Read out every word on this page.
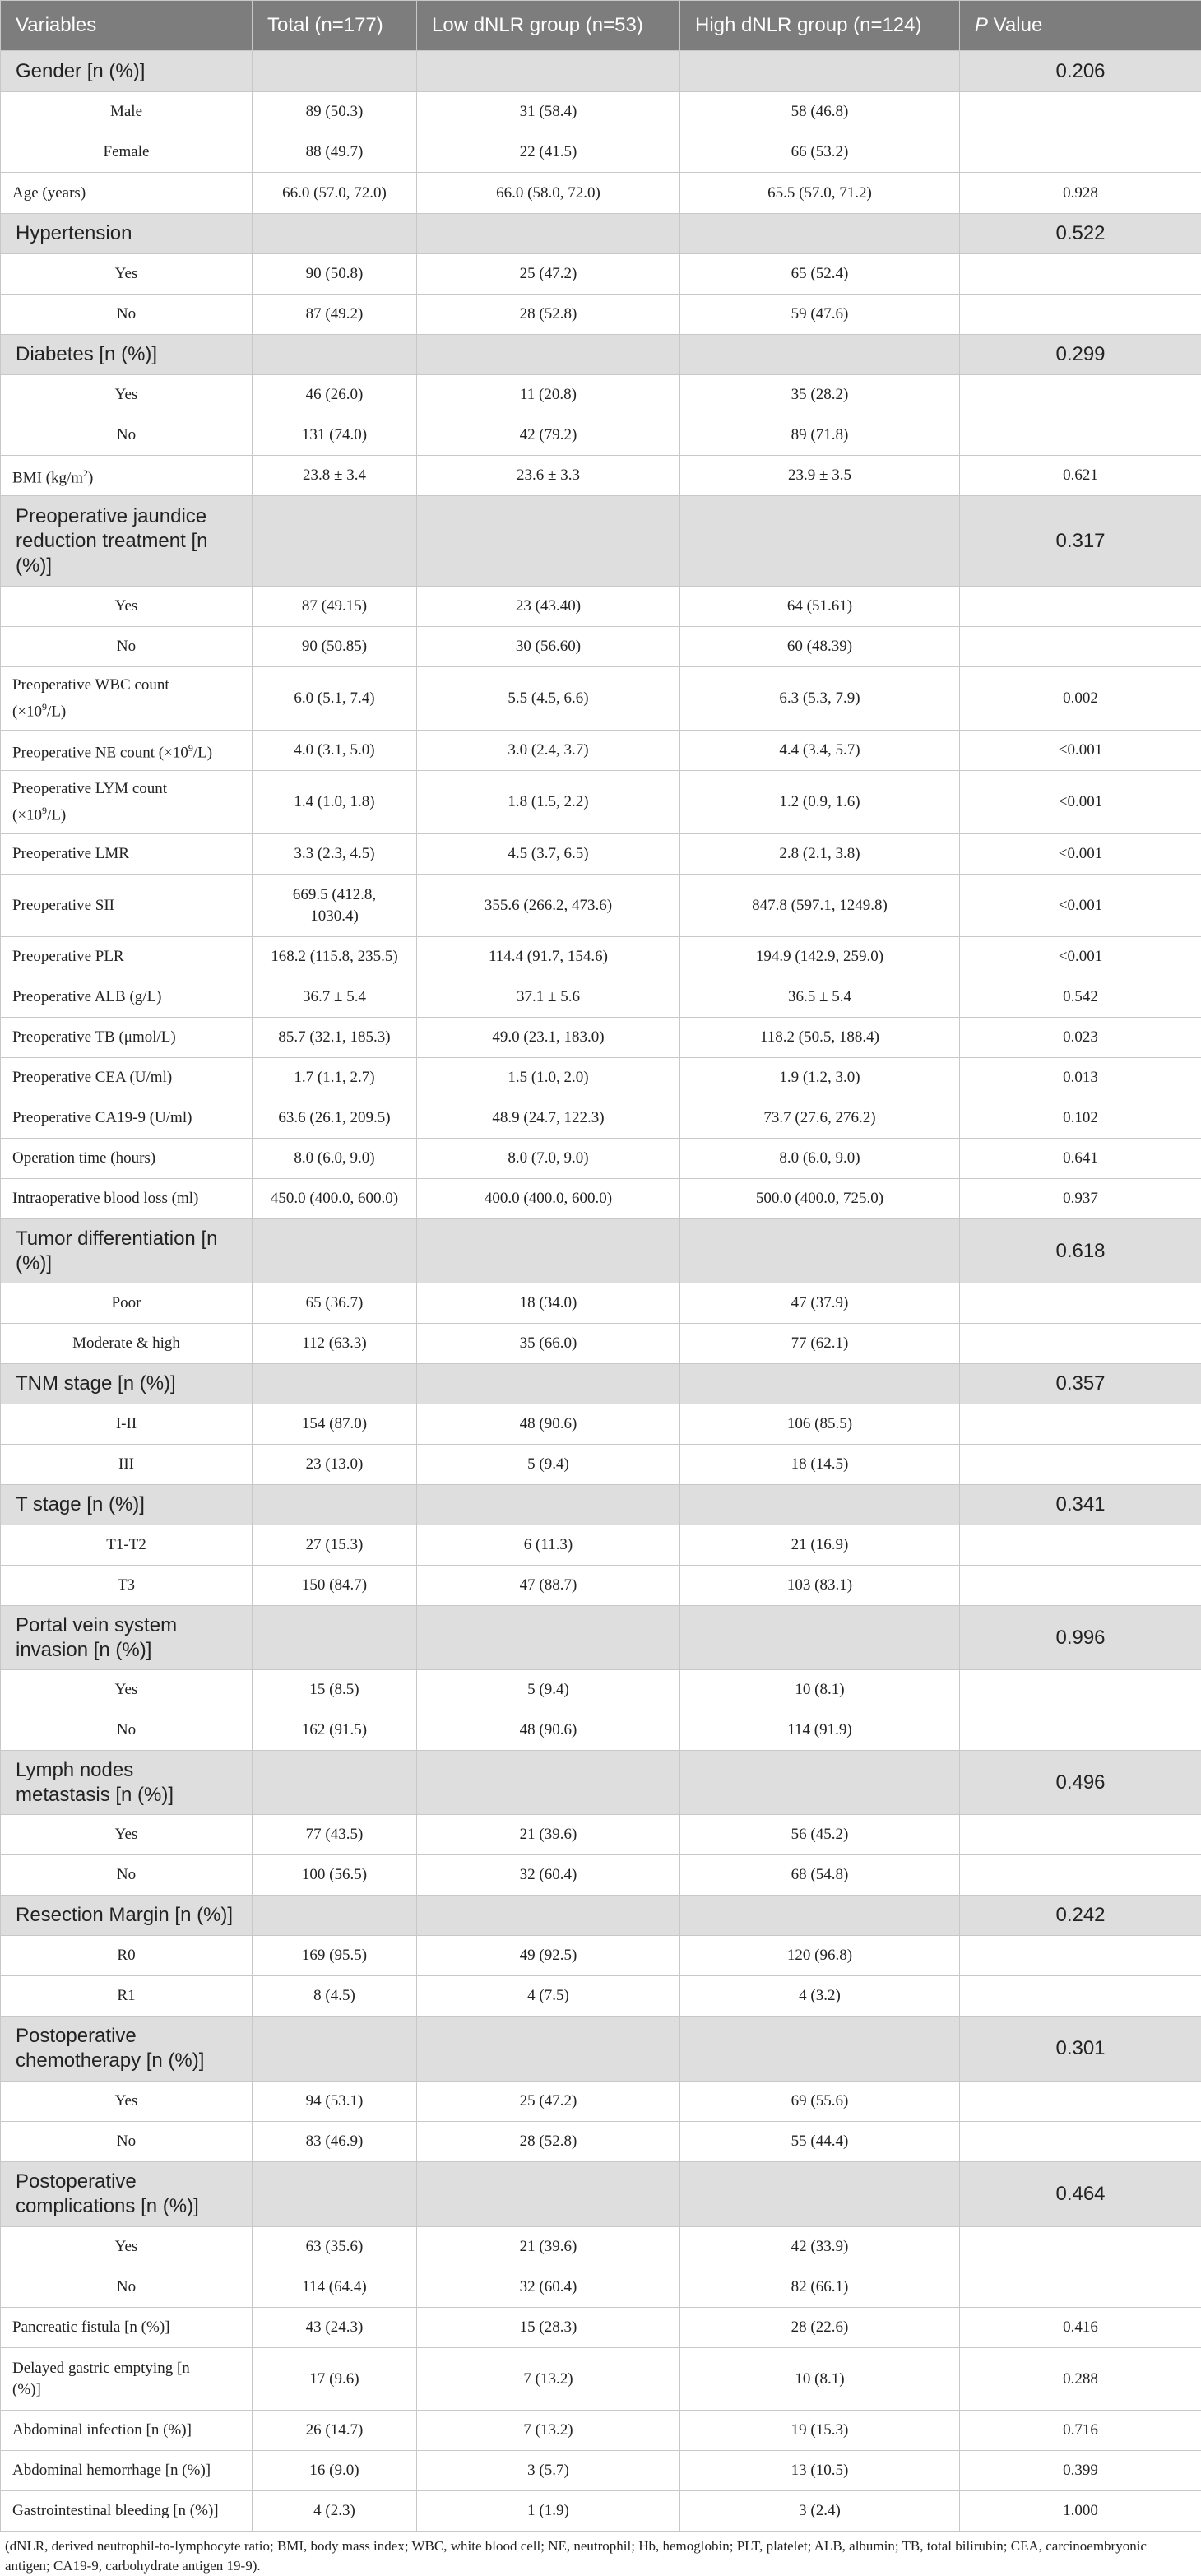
Variables	Total (n=177)	Low dNLR group (n=53)	High dNLR group (n=124)	P Value
Gender [n (%)]				0.206
Male	89 (50.3)	31 (58.4)	58 (46.8)	
Female	88 (49.7)	22 (41.5)	66 (53.2)	
Age (years)	66.0 (57.0, 72.0)	66.0 (58.0, 72.0)	65.5 (57.0, 71.2)	0.928
Hypertension				0.522
Yes	90 (50.8)	25 (47.2)	65 (52.4)	
No	87 (49.2)	28 (52.8)	59 (47.6)	
Diabetes [n (%)]				0.299
Yes	46 (26.0)	11 (20.8)	35 (28.2)	
No	131 (74.0)	42 (79.2)	89 (71.8)	
BMI $(kg/m^2)$	23.8 ± 3.4	23.6 ± 3.3	23.9 ± 3.5	0.621
Preoperative jaundice reduction treatment [n (%)]				0.317
Yes	87 (49.15)	23 (43.40)	64 (51.61)	
No	90 (50.85)	30 (56.60)	60 (48.39)	
Preoperative WBC count $(\times 10^9/L)$	6.0 (5.1, 7.4)	5.5 (4.5, 6.6)	6.3 (5.3, 7.9)	0.002
Preoperative NE count $(\times 10^9/L)$	4.0 (3.1, 5.0)	3.0 (2.4, 3.7)	4.4 (3.4, 5.7)	<0.001
Preoperative LYM count $(\times 10^9/L)$	1.4 (1.0, 1.8)	1.8 (1.5, 2.2)	1.2 (0.9, 1.6)	<0.001
Preoperative LMR	3.3 (2.3, 4.5)	4.5 (3.7, 6.5)	2.8 (2.1, 3.8)	<0.001
Preoperative SII	669.5 (412.8, 1030.4)	355.6 (266.2, 473.6)	847.8 (597.1, 1249.8)	<0.001
Preoperative PLR	168.2 (115.8, 235.5)	114.4 (91.7, 154.6)	194.9 (142.9, 259.0)	<0.001
Preoperative ALB (g/L)	36.7 ± 5.4	37.1 ± 5.6	36.5 ± 5.4	0.542
Preoperative TB (μmol/L)	85.7 (32.1, 185.3)	49.0 (23.1, 183.0)	118.2 (50.5, 188.4)	0.023
Preoperative CEA (U/ml)	1.7 (1.1, 2.7)	1.5 (1.0, 2.0)	1.9 (1.2, 3.0)	0.013
Preoperative CA19-9 (U/ml)	63.6 (26.1, 209.5)	48.9 (24.7, 122.3)	73.7 (27.6, 276.2)	0.102
Operation time (hours)	8.0 (6.0, 9.0)	8.0 (7.0, 9.0)	8.0 (6.0, 9.0)	0.641
Intraoperative blood loss (ml)	450.0 (400.0, 600.0)	400.0 (400.0, 600.0)	500.0 (400.0, 725.0)	0.937
Tumor differentiation [n (%)]				0.618
Poor	65 (36.7)	18 (34.0)	47 (37.9)	
Moderate & high	112 (63.3)	35 (66.0)	77 (62.1)	
TNM stage [n (%)]				0.357
I-II	154 (87.0)	48 (90.6)	106 (85.5)	
III	23 (13.0)	5 (9.4)	18 (14.5)	
T stage [n (%)]				0.341
T1-T2	27 (15.3)	6 (11.3)	21 (16.9)	
T3	150 (84.7)	47 (88.7)	103 (83.1)	
Portal vein system invasion [n (%)]				0.996
Yes	15 (8.5)	5 (9.4)	10 (8.1)	
No	162 (91.5)	48 (90.6)	114 (91.9)	
Lymph nodes metastasis [n (%)]				0.496
Yes	77 (43.5)	21 (39.6)	56 (45.2)	
No	100 (56.5)	32 (60.4)	68 (54.8)	
Resection Margin [n (%)]				0.242
R0	169 (95.5)	49 (92.5)	120 (96.8)	
R1	8 (4.5)	4 (7.5)	4 (3.2)	
Postoperative chemotherapy [n (%)]				0.301
Yes	94 (53.1)	25 (47.2)	69 (55.6)	
No	83 (46.9)	28 (52.8)	55 (44.4)	
Postoperative complications [n (%)]				0.464
Yes	63 (35.6)	21 (39.6)	42 (33.9)	
No	114 (64.4)	32 (60.4)	82 (66.1)	
Pancreatic fistula [n (%)]	43 (24.3)	15 (28.3)	28 (22.6)	0.416
Delayed gastric emptying [n (%)]	17 (9.6)	7 (13.2)	10 (8.1)	0.288
Abdominal infection [n (%)]	26 (14.7)	7 (13.2)	19 (15.3)	0.716
Abdominal hemorrhage [n (%)]	16 (9.0)	3 (5.7)	13 (10.5)	0.399
Gastrointestinal bleeding [n (%)]	4 (2.3)	1 (1.9)	3 (2.4)	1.000
(dNLR, derived neutrophil-to-lymphocyte ratio; BMI, body mass index; WBC, white blood cell; NE, neutrophil; Hb, hemoglobin; PLT, platelet; ALB, albumin; TB, total bilirubin; CEA, carcinoembryonic antigen; CA19-9, carbohydrate antigen 19-9).
